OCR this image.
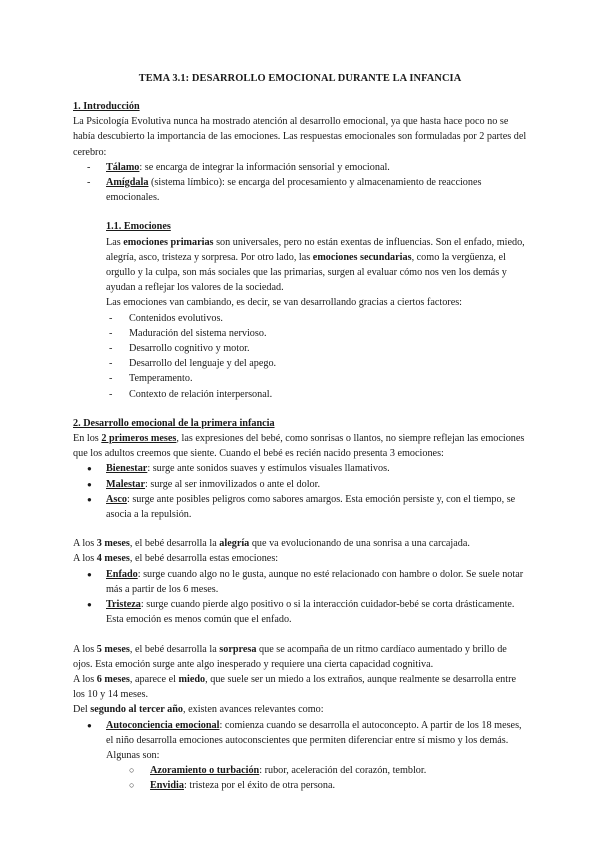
TEMA 3.1: DESARROLLO EMOCIONAL DURANTE LA INFANCIA

1. Introducción

La Psicología Evolutiva nunca ha mostrado atención al desarrollo emocional, ya que hasta hace poco no se había descubierto la importancia de las emociones. Las respuestas emocionales son formuladas por 2 partes del cerebro:

- Tálamo: se encarga de integrar la información sensorial y emocional.
- Amígdala (sistema límbico): se encarga del procesamiento y almacenamiento de reacciones emocionales.

1.1. Emociones

Las emociones primarias son universales, pero no están exentas de influencias. Son el enfado, miedo, alegría, asco, tristeza y sorpresa. Por otro lado, las emociones secundarias, como la vergüenza, el orgullo y la culpa, son más sociales que las primarias, surgen al evaluar cómo nos ven los demás y ayudan a reflejar los valores de la sociedad.

Las emociones van cambiando, es decir, se van desarrollando gracias a ciertos factores:

- Contenidos evolutivos.
- Maduración del sistema nervioso.
- Desarrollo cognitivo y motor.
- Desarrollo del lenguaje y del apego.
- Temperamento.
- Contexto de relación interpersonal.

2. Desarrollo emocional de la primera infancia

En los 2 primeros meses, las expresiones del bebé, como sonrisas o llantos, no siempre reflejan las emociones que los adultos creemos que siente. Cuando el bebé es recién nacido presenta 3 emociones:

● Bienestar: surge ante sonidos suaves y estímulos visuales llamativos.
● Malestar: surge al ser inmovilizados o ante el dolor.
● Asco: surge ante posibles peligros como sabores amargos. Esta emoción persiste y, con el tiempo, se asocia a la repulsión.

A los 3 meses, el bebé desarrolla la alegría que va evolucionando de una sonrisa a una carcajada.

A los 4 meses, el bebé desarrolla estas emociones:

● Enfado: surge cuando algo no le gusta, aunque no esté relacionado con hambre o dolor. Se suele notar más a partir de los 6 meses.
● Tristeza: surge cuando pierde algo positivo o si la interacción cuidador-bebé se corta drásticamente. Esta emoción es menos común que el enfado.

A los 5 meses, el bebé desarrolla la sorpresa que se acompaña de un ritmo cardíaco aumentado y brillo de ojos. Esta emoción surge ante algo inesperado y requiere una cierta capacidad cognitiva.

A los 6 meses, aparece el miedo, que suele ser un miedo a los extraños, aunque realmente se desarrolla entre los 10 y 14 meses.

Del segundo al tercer año, existen avances relevantes como:

● Autoconciencia emocional: comienza cuando se desarrolla el autoconcepto. A partir de los 18 meses, el niño desarrolla emociones autoconscientes que permiten diferenciar entre sí mismo y los demás. Algunas son:
○ Azoramiento o turbación: rubor, aceleración del corazón, temblor.
○ Envidia: tristeza por el éxito de otra persona.
